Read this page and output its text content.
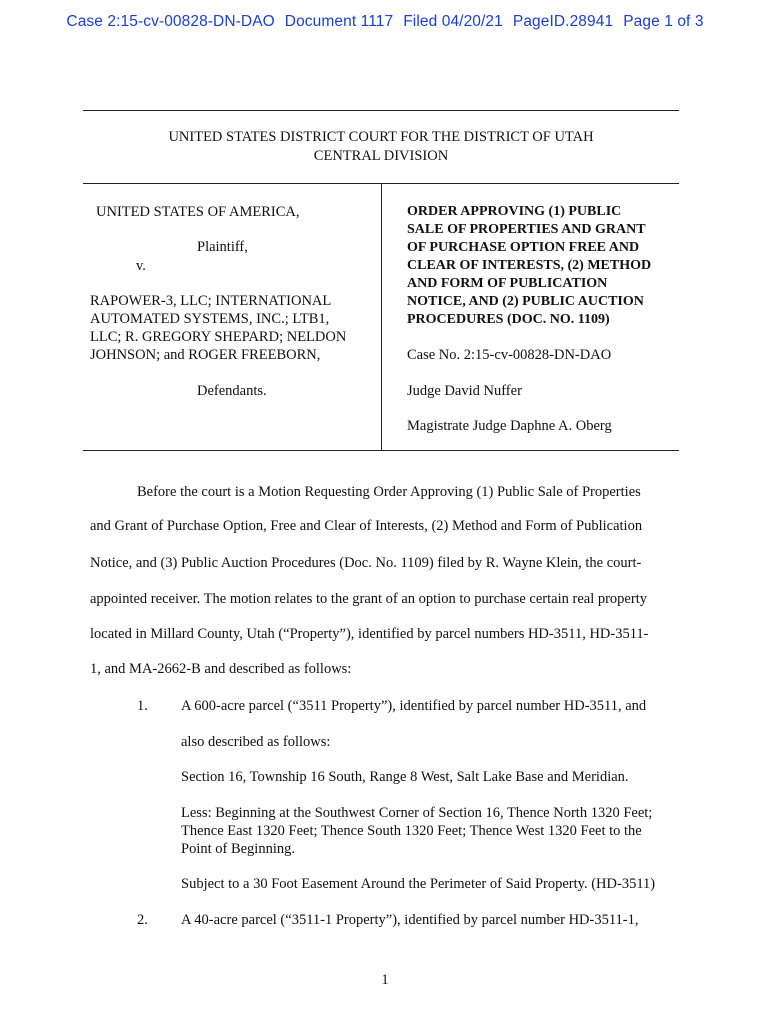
Case 2:15-cv-00828-DN-DAO Document 1117 Filed 04/20/21 PageID.28941 Page 1 of 3
UNITED STATES DISTRICT COURT FOR THE DISTRICT OF UTAH
CENTRAL DIVISION
UNITED STATES OF AMERICA,
Plaintiff,
v.
RAPOWER-3, LLC; INTERNATIONAL
AUTOMATED SYSTEMS, INC.; LTB1,
LLC; R. GREGORY SHEPARD; NELDON
JOHNSON; and ROGER FREEBORN,
Defendants.
ORDER APPROVING (1) PUBLIC
SALE OF PROPERTIES AND GRANT
OF PURCHASE OPTION FREE AND
CLEAR OF INTERESTS, (2) METHOD
AND FORM OF PUBLICATION
NOTICE, AND (2) PUBLIC AUCTION
PROCEDURES (DOC. NO. 1109)
Case No. 2:15-cv-00828-DN-DAO
Judge David Nuffer
Magistrate Judge Daphne A. Oberg
Before the court is a Motion Requesting Order Approving (1) Public Sale of Properties
and Grant of Purchase Option, Free and Clear of Interests, (2) Method and Form of Publication
Notice, and (3) Public Auction Procedures (Doc. No. 1109) filed by R. Wayne Klein, the court-
appointed receiver. The motion relates to the grant of an option to purchase certain real property
located in Millard County, Utah (“Property”), identified by parcel numbers HD-3511, HD-3511-
1, and MA-2662-B and described as follows:
1. A 600-acre parcel (“3511 Property”), identified by parcel number HD-3511, and
also described as follows:
Section 16, Township 16 South, Range 8 West, Salt Lake Base and Meridian.
Less: Beginning at the Southwest Corner of Section 16, Thence North 1320 Feet;
Thence East 1320 Feet; Thence South 1320 Feet; Thence West 1320 Feet to the
Point of Beginning.
Subject to a 30 Foot Easement Around the Perimeter of Said Property. (HD-3511)
2. A 40-acre parcel (“3511-1 Property”), identified by parcel number HD-3511-1,
1
